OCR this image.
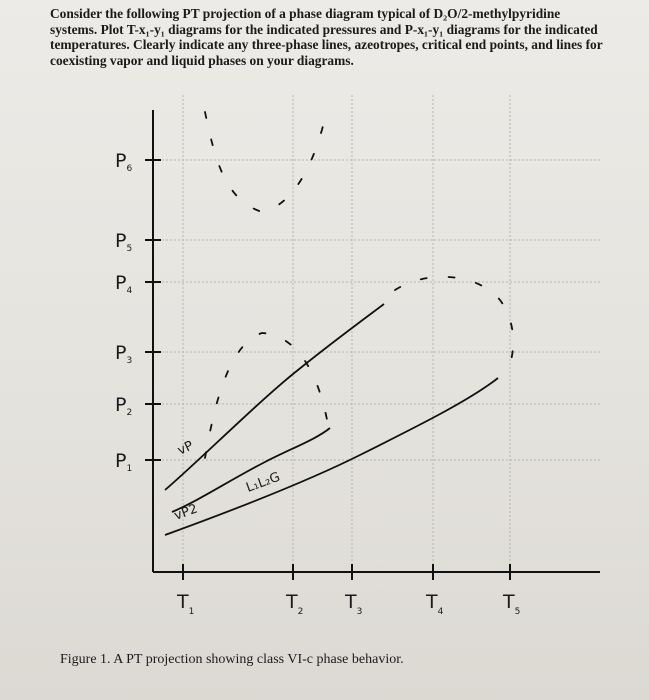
Consider the following PT projection of a phase diagram typical of D₂O/2-methylpyridine
systems. Plot T-x₁-y₁ diagrams for the indicated pressures and P-x₁-y₁ diagrams for the indicated
temperatures. Clearly indicate any three-phase lines, azeotropes, critical end points, and lines for
coexisting vapor and liquid phases on your diagrams.

$P_6$
$P_5$
$P_4$
$P_3$
$P_2$
$P_1$
$T_1$	$T_2$ $T_3$	$T_4$	$T_5$
vP
vP2
L₁L₂G

Figure 1. A PT projection showing class VI-c phase behavior.
